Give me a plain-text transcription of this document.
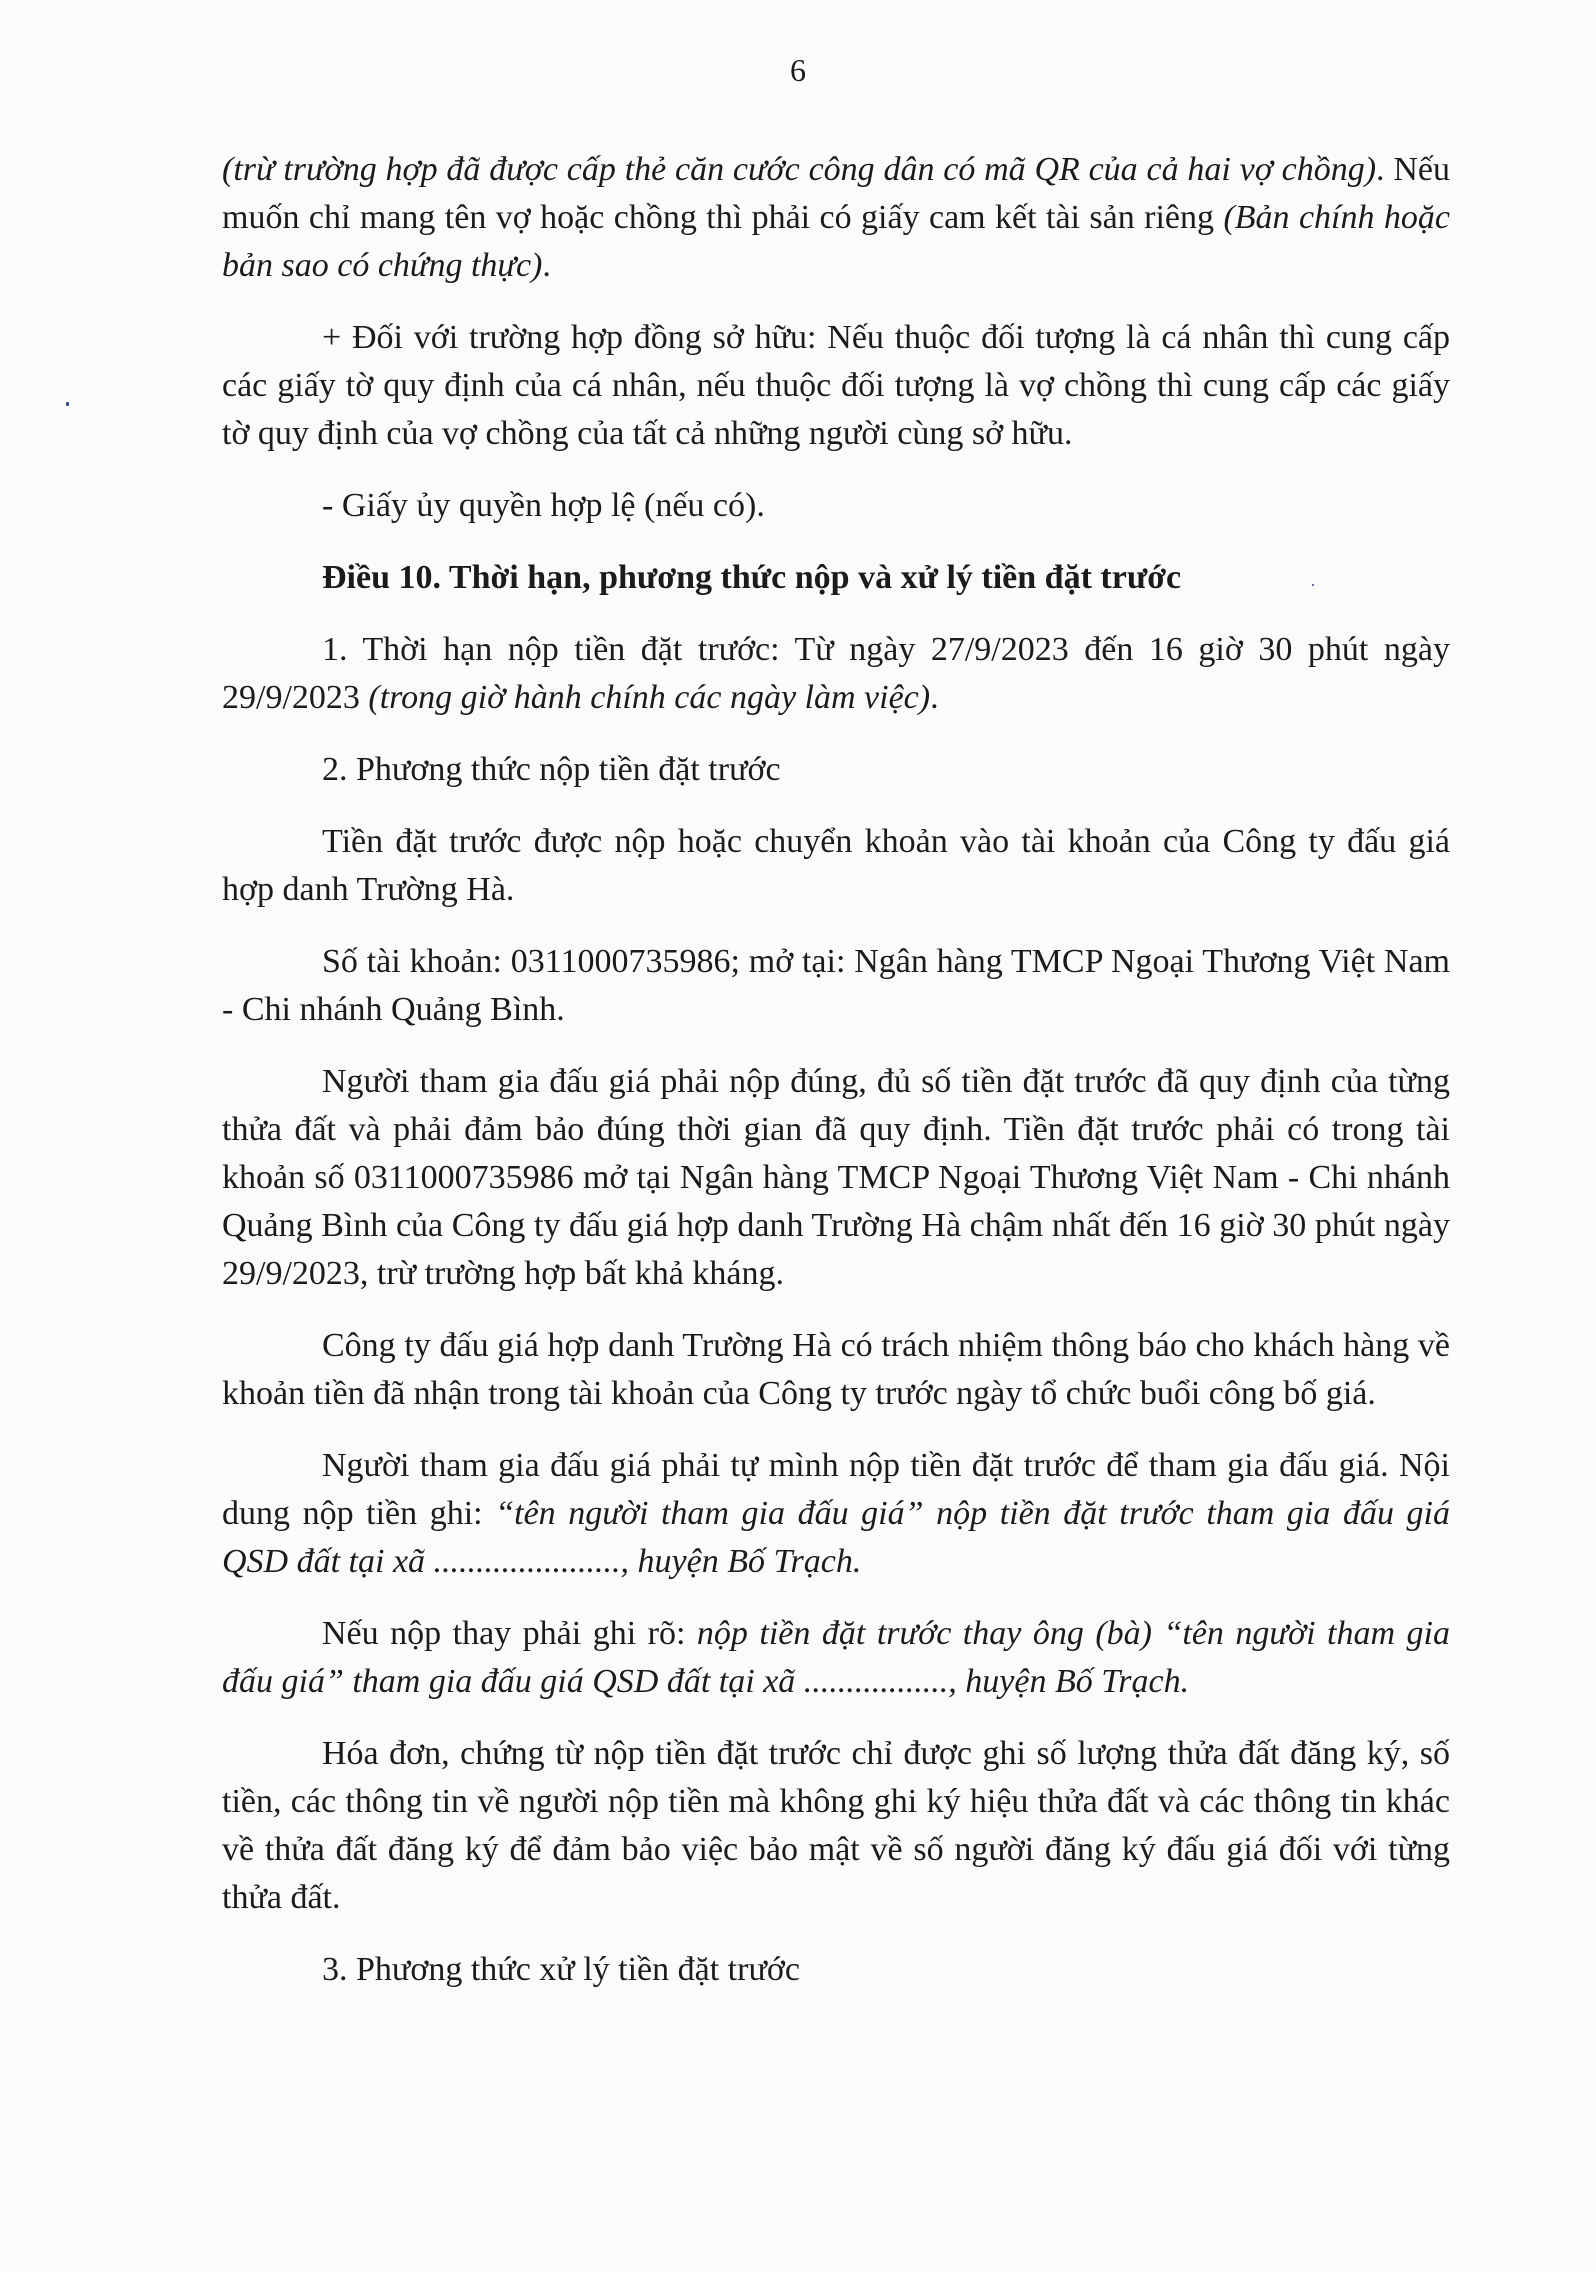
6

(trừ trường hợp đã được cấp thẻ căn cước công dân có mã QR của cả hai vợ chồng). Nếu muốn chỉ mang tên vợ hoặc chồng thì phải có giấy cam kết tài sản riêng (Bản chính hoặc bản sao có chứng thực).

+ Đối với trường hợp đồng sở hữu: Nếu thuộc đối tượng là cá nhân thì cung cấp các giấy tờ quy định của cá nhân, nếu thuộc đối tượng là vợ chồng thì cung cấp các giấy tờ quy định của vợ chồng của tất cả những người cùng sở hữu.

- Giấy ủy quyền hợp lệ (nếu có).

Điều 10. Thời hạn, phương thức nộp và xử lý tiền đặt trước

1. Thời hạn nộp tiền đặt trước: Từ ngày 27/9/2023 đến 16 giờ 30 phút ngày 29/9/2023 (trong giờ hành chính các ngày làm việc).

2. Phương thức nộp tiền đặt trước

Tiền đặt trước được nộp hoặc chuyển khoản vào tài khoản của Công ty đấu giá hợp danh Trường Hà.

Số tài khoản: 0311000735986; mở tại: Ngân hàng TMCP Ngoại Thương Việt Nam - Chi nhánh Quảng Bình.

Người tham gia đấu giá phải nộp đúng, đủ số tiền đặt trước đã quy định của từng thửa đất và phải đảm bảo đúng thời gian đã quy định. Tiền đặt trước phải có trong tài khoản số 0311000735986 mở tại Ngân hàng TMCP Ngoại Thương Việt Nam - Chi nhánh Quảng Bình của Công ty đấu giá hợp danh Trường Hà chậm nhất đến 16 giờ 30 phút ngày 29/9/2023, trừ trường hợp bất khả kháng.

Công ty đấu giá hợp danh Trường Hà có trách nhiệm thông báo cho khách hàng về khoản tiền đã nhận trong tài khoản của Công ty trước ngày tổ chức buổi công bố giá.

Người tham gia đấu giá phải tự mình nộp tiền đặt trước để tham gia đấu giá. Nội dung nộp tiền ghi: “tên người tham gia đấu giá” nộp tiền đặt trước tham gia đấu giá QSD đất tại xã ......................, huyện Bố Trạch.

Nếu nộp thay phải ghi rõ: nộp tiền đặt trước thay ông (bà) “tên người tham gia đấu giá” tham gia đấu giá QSD đất tại xã ................., huyện Bố Trạch.

Hóa đơn, chứng từ nộp tiền đặt trước chỉ được ghi số lượng thửa đất đăng ký, số tiền, các thông tin về người nộp tiền mà không ghi ký hiệu thửa đất và các thông tin khác về thửa đất đăng ký để đảm bảo việc bảo mật về số người đăng ký đấu giá đối với từng thửa đất.

3. Phương thức xử lý tiền đặt trước
